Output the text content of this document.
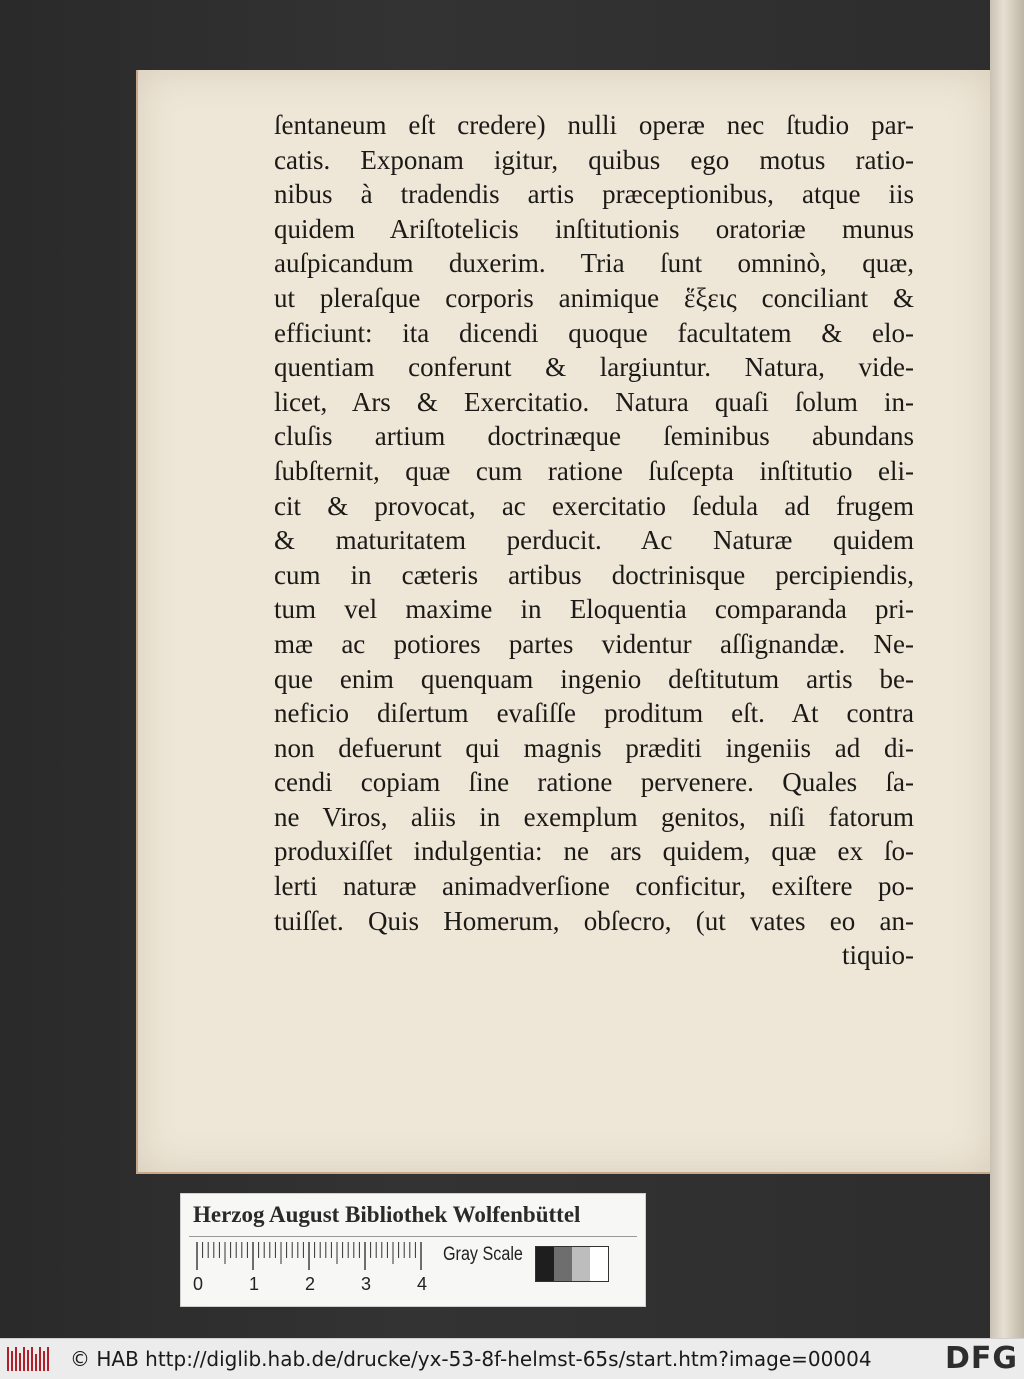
ſentaneum eſt credere) nulli operæ nec ſtudio par-
catis. Exponam igitur, quibus ego motus ratio-
nibus à tradendis artis præceptionibus, atque iis
quidem Ariſtotelicis inſtitutionis oratoriæ munus
auſpicandum duxerim. Tria ſunt omninò, quæ,
ut pleraſque corporis animique ἕξεις conciliant &
efficiunt: ita dicendi quoque facultatem & elo-
quentiam conferunt & largiuntur. Natura, vide-
licet, Ars & Exercitatio. Natura quaſi ſolum in-
cluſis artium doctrinæque ſeminibus abundans
ſubſternit, quæ cum ratione ſuſcepta inſtitutio eli-
cit & provocat, ac exercitatio ſedula ad frugem
& maturitatem perducit. Ac Naturæ quidem
cum in cæteris artibus doctrinisque percipiendis,
tum vel maxime in Eloquentia comparanda pri-
mæ ac potiores partes videntur aſſignandæ. Ne-
que enim quenquam ingenio deſtitutum artis be-
neficio diſertum evaſiſſe proditum eſt. At contra
non defuerunt qui magnis præditi ingeniis ad di-
cendi copiam ſine ratione pervenere. Quales ſa-
ne Viros, aliis in exemplum genitos, niſi fatorum
produxiſſet indulgentia: ne ars quidem, quæ ex ſo-
lerti naturæ animadverſione conficitur, exiſtere po-
tuiſſet. Quis Homerum, obſecro, (ut vates eo an-
tiquio-
Herzog August Bibliothek Wolfenbüttel
0	1	2	3	4
Gray Scale
© HAB http://diglib.hab.de/drucke/yx-53-8f-helmst-65s/start.htm?image=00004 DFG
